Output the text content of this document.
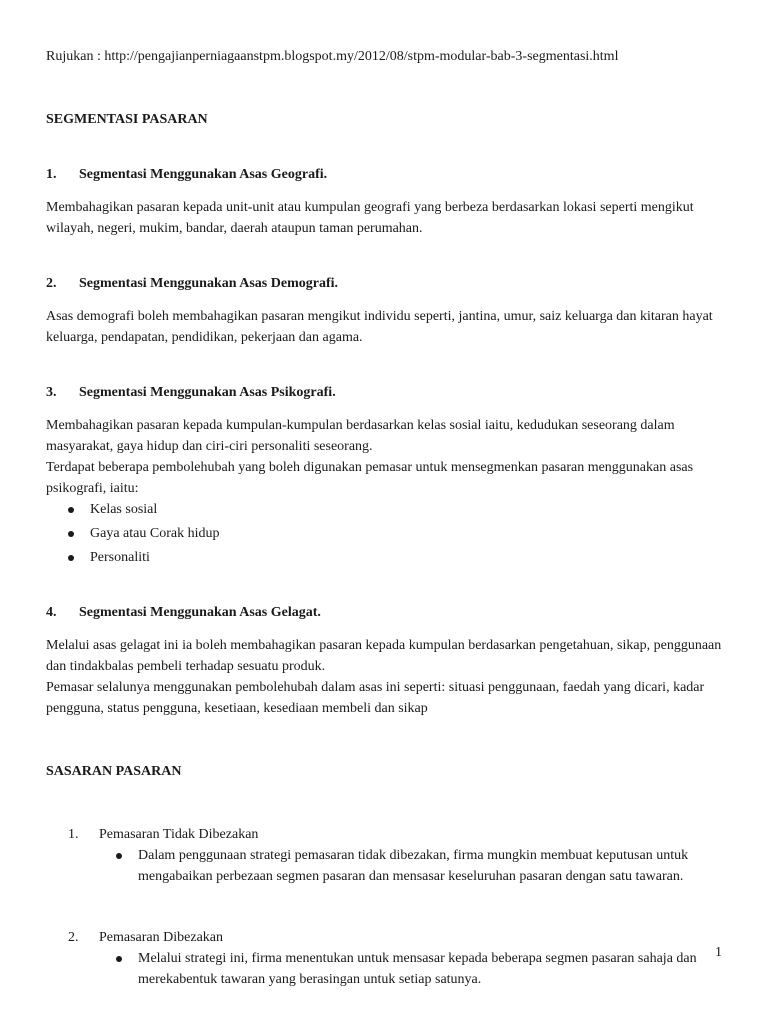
Rujukan : http://pengajianperniagaanstpm.blogspot.my/2012/08/stpm-modular-bab-3-segmentasi.html

SEGMENTASI PASARAN
1.	Segmentasi Menggunakan Asas Geografi.

Membahagikan pasaran kepada unit-unit atau kumpulan geografi yang berbeza berdasarkan lokasi seperti mengikut wilayah, negeri, mukim, bandar, daerah ataupun taman perumahan.

2.	Segmentasi Menggunakan Asas Demografi.

Asas demografi boleh membahagikan pasaran mengikut individu seperti, jantina, umur, saiz keluarga dan kitaran hayat keluarga, pendapatan, pendidikan, pekerjaan dan agama.

3.	Segmentasi Menggunakan Asas Psikografi.

Membahagikan pasaran kepada kumpulan-kumpulan berdasarkan kelas sosial iaitu, kedudukan seseorang dalam masyarakat, gaya hidup dan ciri-ciri personaliti seseorang.

Terdapat beberapa pembolehubah yang boleh digunakan pemasar untuk mensegmenkan pasaran menggunakan asas psikografi, iaitu:

Kelas sosial
Gaya atau Corak hidup
Personaliti
4.	Segmentasi Menggunakan Asas Gelagat.

Melalui asas gelagat ini ia boleh membahagikan pasaran kepada kumpulan berdasarkan pengetahuan, sikap, penggunaan dan tindakbalas pembeli terhadap sesuatu produk.

Pemasar selalunya menggunakan pembolehubah dalam asas ini seperti: situasi penggunaan, faedah yang dicari, kadar pengguna, status pengguna, kesetiaan, kesediaan membeli dan sikap

SASARAN PASARAN
1.	Pemasaran Tidak Dibezakan
Dalam penggunaan strategi pemasaran tidak dibezakan, firma mungkin membuat keputusan untuk mengabaikan perbezaan segmen pasaran dan mensasar keseluruhan pasaran dengan satu tawaran.
2.	Pemasaran Dibezakan
Melalui strategi ini, firma menentukan untuk mensasar kepada beberapa segmen pasaran sahaja dan merekabentuk tawaran yang berasingan untuk setiap satunya.
1
